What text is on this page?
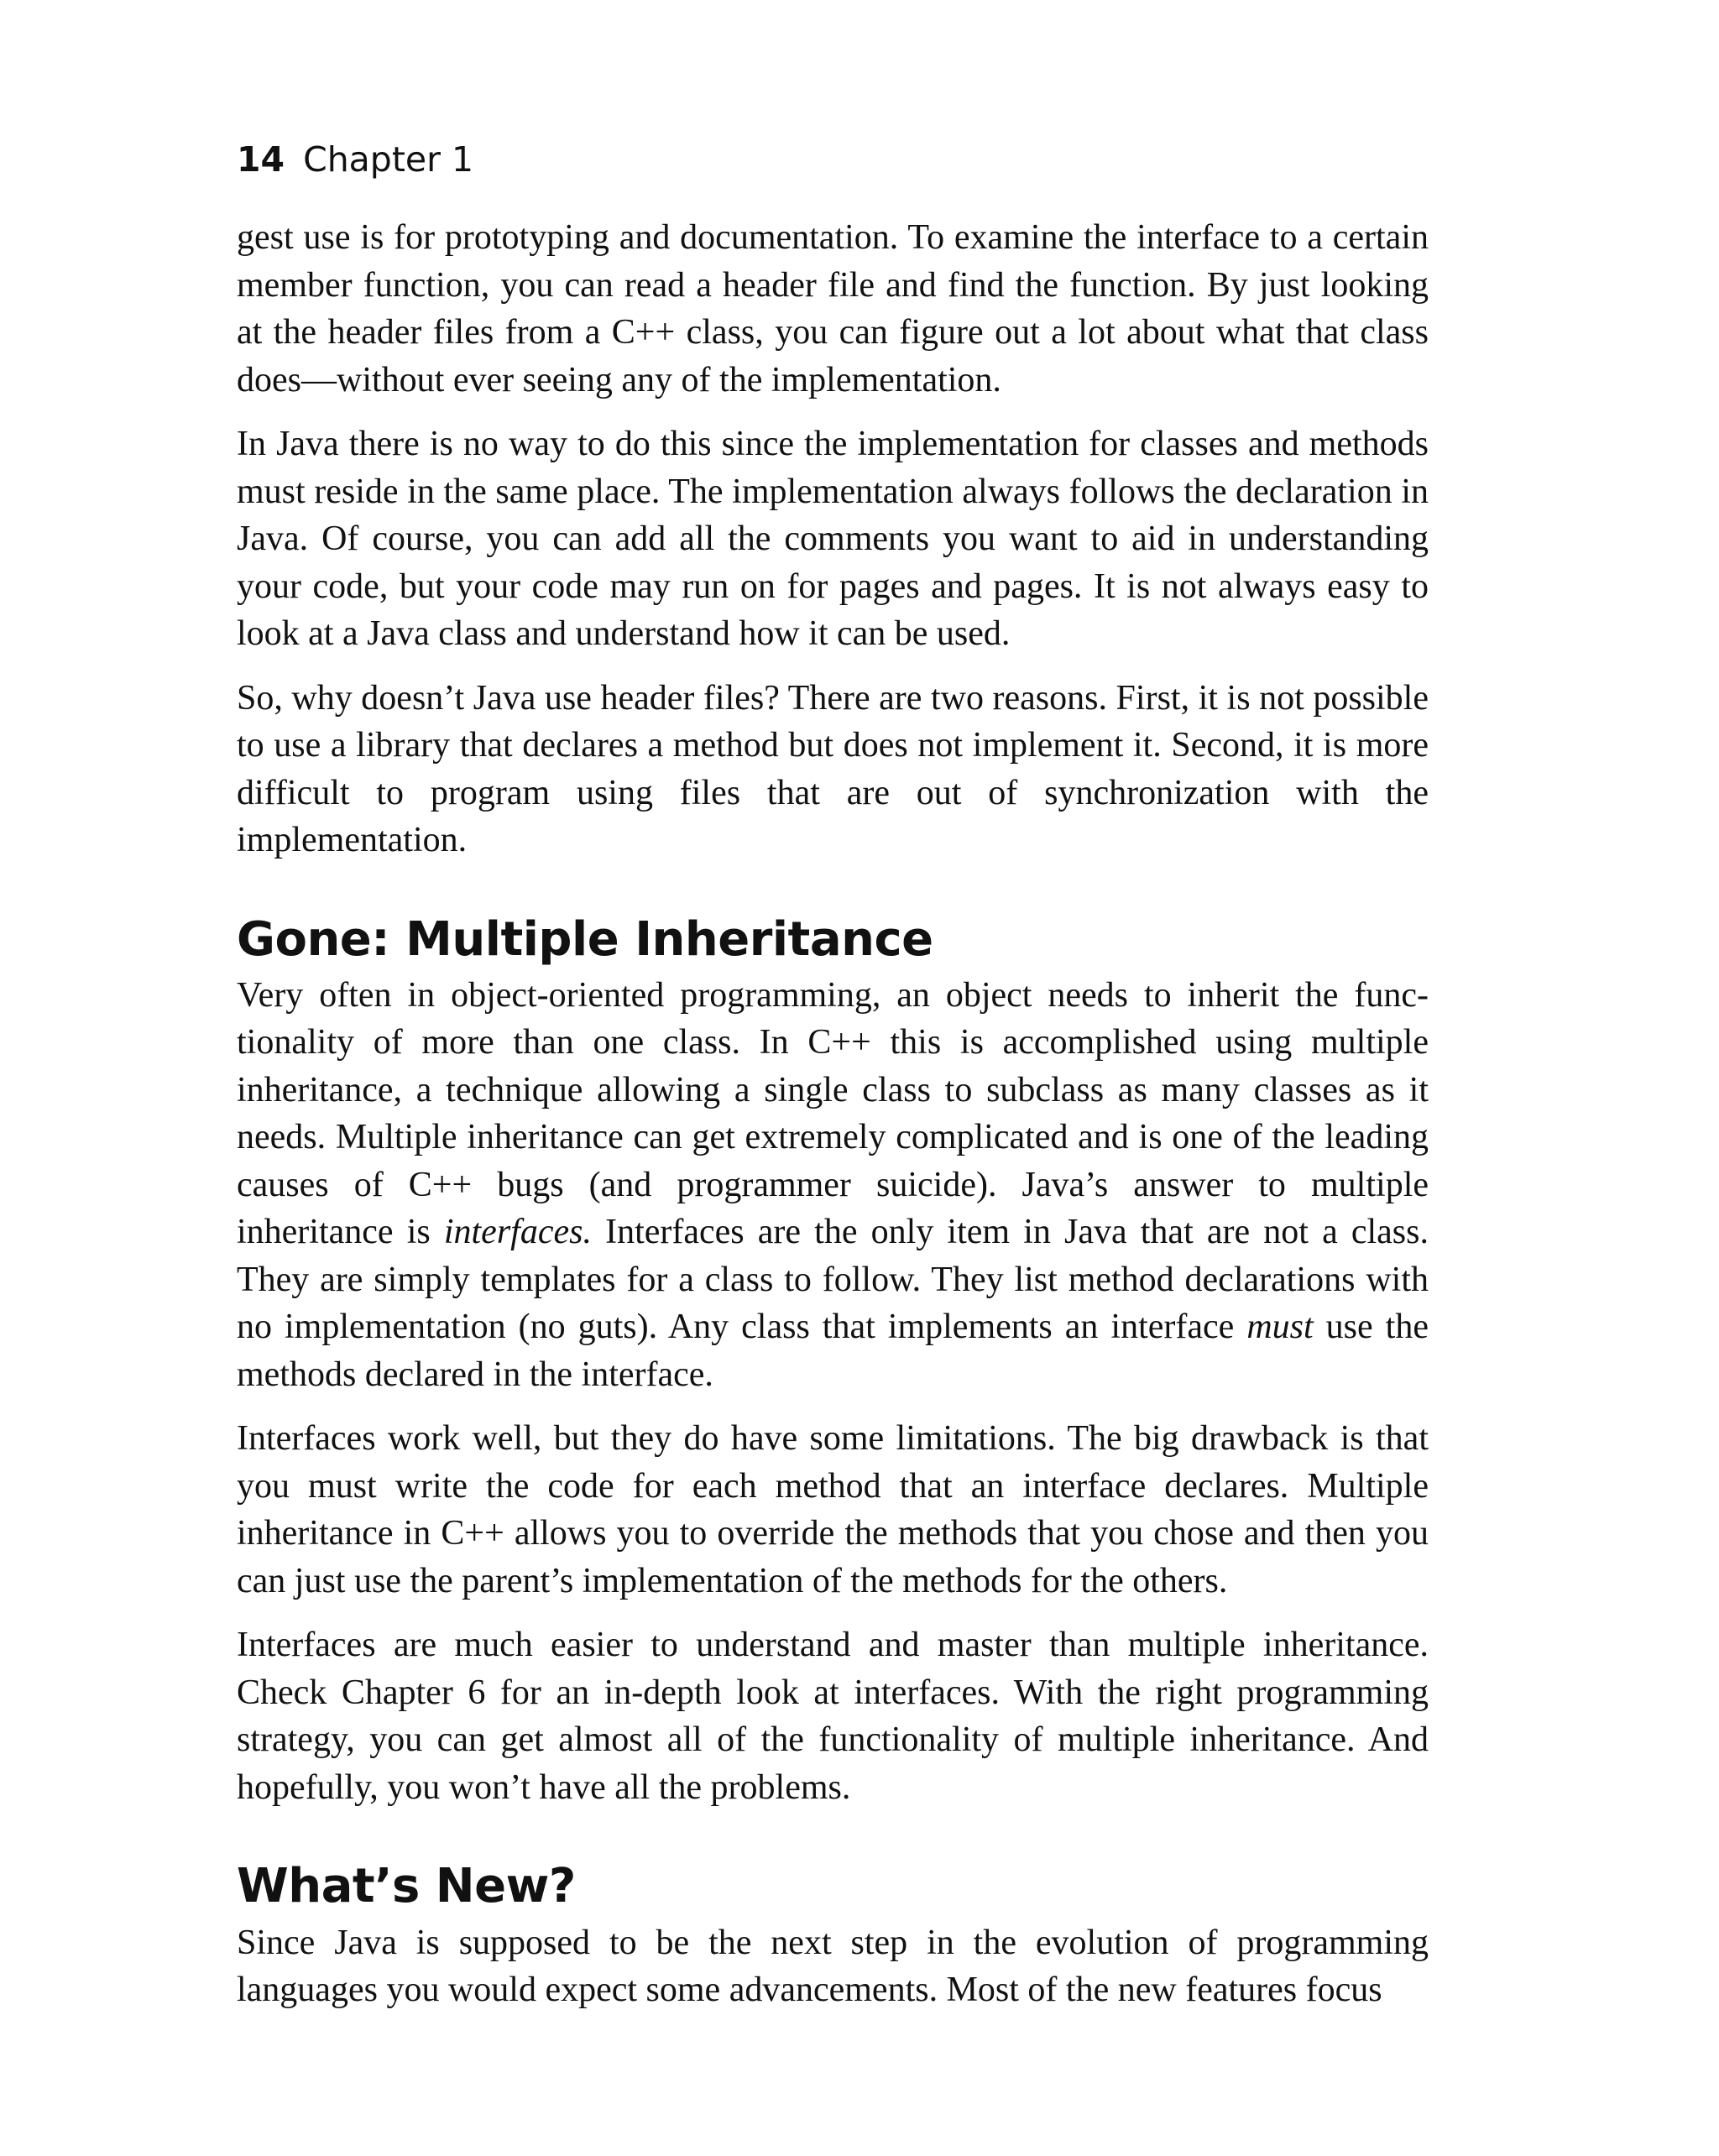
14 Chapter 1

gest use is for prototyping and documentation. To examine the interface to a certain member function, you can read a header file and find the function. By just looking at the header files from a C++ class, you can figure out a lot about what that class does—without ever seeing any of the implementation.

In Java there is no way to do this since the implementation for classes and methods must reside in the same place. The implementation always follows the declaration in Java. Of course, you can add all the comments you want to aid in understanding your code, but your code may run on for pages and pages. It is not always easy to look at a Java class and understand how it can be used.

So, why doesn’t Java use header files? There are two reasons. First, it is not possible to use a library that declares a method but does not implement it. Second, it is more difficult to program using files that are out of synchronization with the implementation.

Gone: Multiple Inheritance

Very often in object-oriented programming, an object needs to inherit the functionality of more than one class. In C++ this is accomplished using multiple inheritance, a technique allowing a single class to subclass as many classes as it needs. Multiple inheritance can get extremely complicated and is one of the leading causes of C++ bugs (and programmer suicide). Java’s answer to multiple inheritance is interfaces. Interfaces are the only item in Java that are not a class. They are simply templates for a class to follow. They list method declarations with no implementation (no guts). Any class that implements an interface must use the methods declared in the interface.

Interfaces work well, but they do have some limitations. The big drawback is that you must write the code for each method that an interface declares. Multiple inheritance in C++ allows you to override the methods that you chose and then you can just use the parent’s implementation of the methods for the others.

Interfaces are much easier to understand and master than multiple inheritance. Check Chapter 6 for an in-depth look at interfaces. With the right programming strategy, you can get almost all of the functionality of multiple inheritance. And hopefully, you won’t have all the problems.

What’s New?

Since Java is supposed to be the next step in the evolution of programming languages you would expect some advancements. Most of the new features focus
